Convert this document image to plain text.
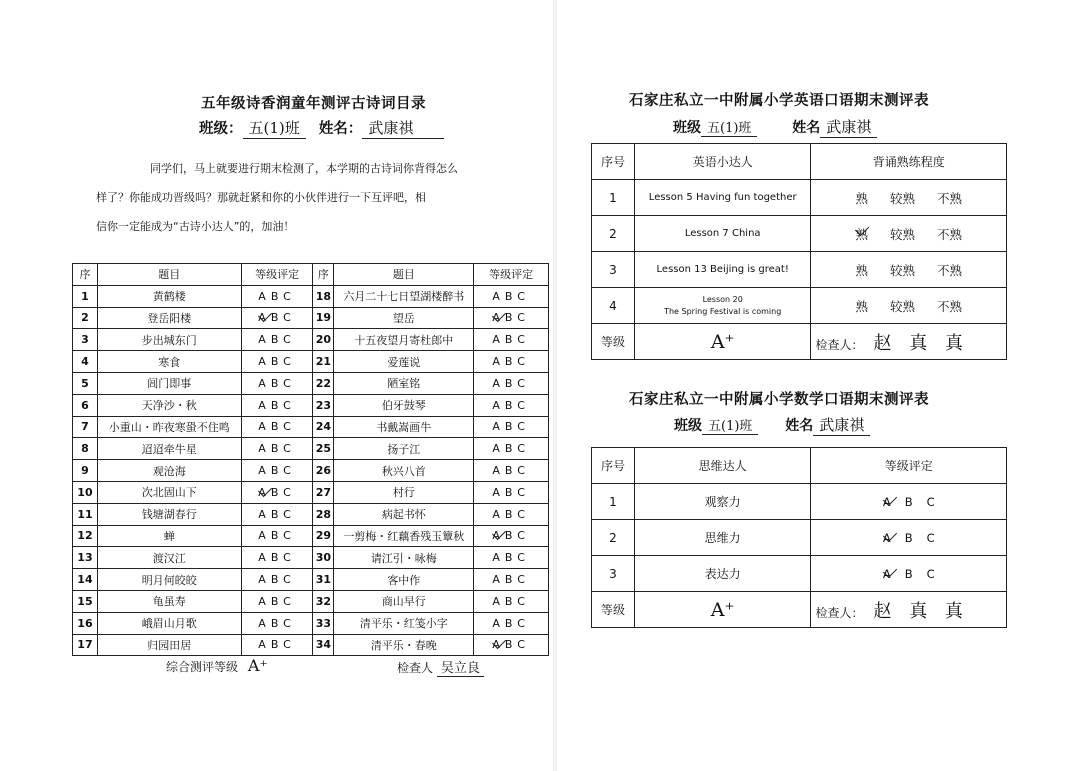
五年级诗香润童年测评古诗词目录
班级： 五(1)班 姓名： 武康祺

同学们，马上就要进行期末检测了，本学期的古诗词你背得怎么

样了？你能成功晋级吗？那就赶紧和你的小伙伴进行一下互评吧，相

信你一定能成为“古诗小达人”的，加油！

序	题目	等级评定	序	题目	等级评定
1	黄鹤楼	ABC	18	六月二十七日望湖楼醉书	ABC
2	登岳阳楼	ABC	19	望岳	ABC
3	步出城东门	ABC	20	十五夜望月寄杜郎中	ABC
4	寒食	ABC	21	爱莲说	ABC
5	闾门即事	ABC	22	陋室铭	ABC
6	天净沙・秋	ABC	23	伯牙鼓琴	ABC
7	小重山・昨夜寒蛩不住鸣	ABC	24	书戴嵩画牛	ABC
8	迢迢牵牛星	ABC	25	扬子江	ABC
9	观沧海	ABC	26	秋兴八首	ABC
10	次北固山下	ABC	27	村行	ABC
11	钱塘湖春行	ABC	28	病起书怀	ABC
12	蝉	ABC	29	一剪梅・红藕香残玉簟秋	ABC
13	渡汉江	ABC	30	请江引・咏梅	ABC
14	明月何皎皎	ABC	31	客中作	ABC
15	龟虽寿	ABC	32	商山早行	ABC
16	峨眉山月歌	ABC	33	清平乐・红笺小字	ABC
17	归园田居	ABC	34	清平乐・春晚	ABC
综合测评等级 A⁺	检查人 吴立良
石家庄私立一中附属小学英语口语期末测评表
班级 五(1)班	姓名 武康祺
石家庄私立一中附属小学数学口语期末测评表
班级 五(1)班 姓名 武康祺
序号	英语小达人	背诵熟练程度
1	Lesson 5 Having fun together	熟 较熟 不熟
2	Lesson 7 China	熟 较熟 不熟
3	Lesson 13 Beijing is great!	熟 较熟 不熟
4	Lesson 20
The Spring Festival is coming	熟 较熟 不熟
等级	A⁺	检查人： 赵 真 真
序号	思维达人	等级评定
1	观察力	A B C
2	思维力	A B C
3	表达力	A B C
等级	A⁺	检查人： 赵 真 真
